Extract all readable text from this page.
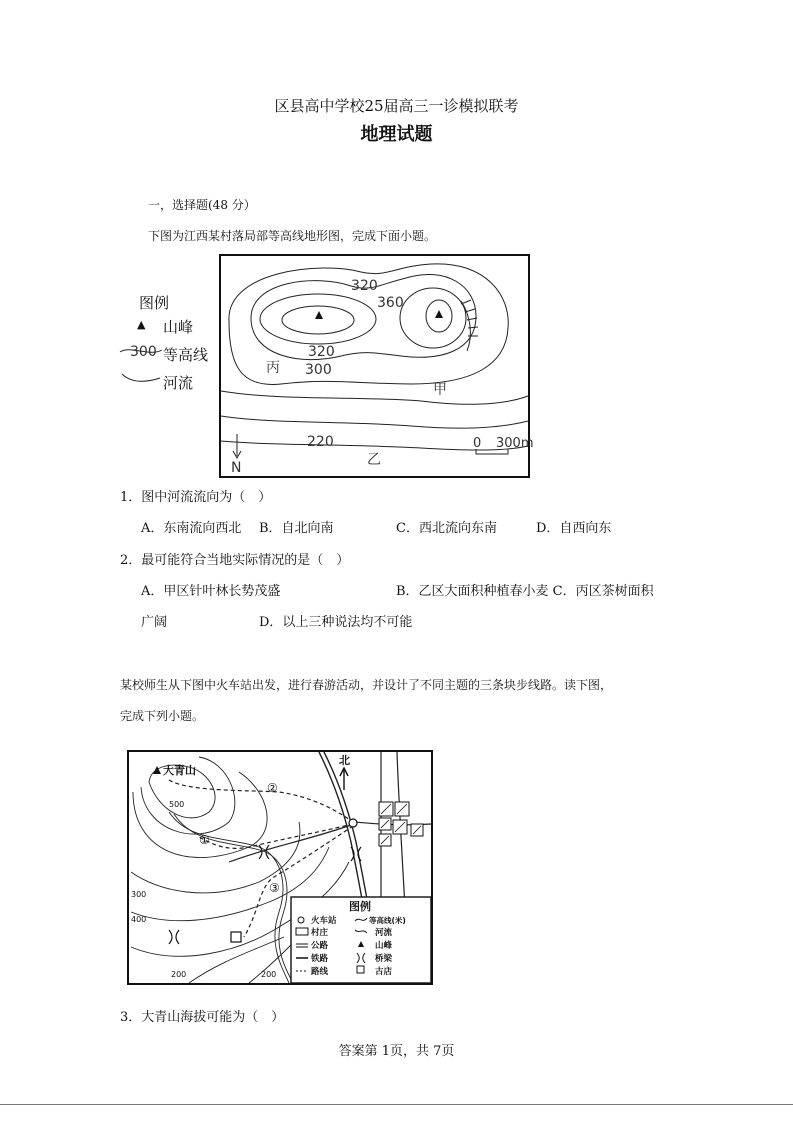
区县高中学校25届高三一诊模拟联考
地理试题
一，选择题(48 分）
下图为江西某村落局部等高线地形图，完成下面小题。
320
360
320
300
220
丙
甲
乙
N
0 300m
图例
▲ 山峰
300 等高线
河流
1．图中河流流向为（　）
A．东南流向西北 B．自北向南	C．西北流向东南	D．自西向东
2．最可能符合当地实际情况的是（　）
A．甲区针叶林长势茂盛	B．乙区大面积种植春小麦 C．丙区茶树面积
广阔	D．以上三种说法均不可能
某校师生从下图中火车站出发，进行春游活动，并设计了不同主题的三条块步线路。读下图，
完成下列小题。
大青山
北
②
①
③
500
400
300
200	200
图例
火车站	等高线(米)
村庄	河流
公路	山峰
铁路	桥梁
路线	古店
3．大青山海拔可能为（　）
答案第 1页，共 7页
